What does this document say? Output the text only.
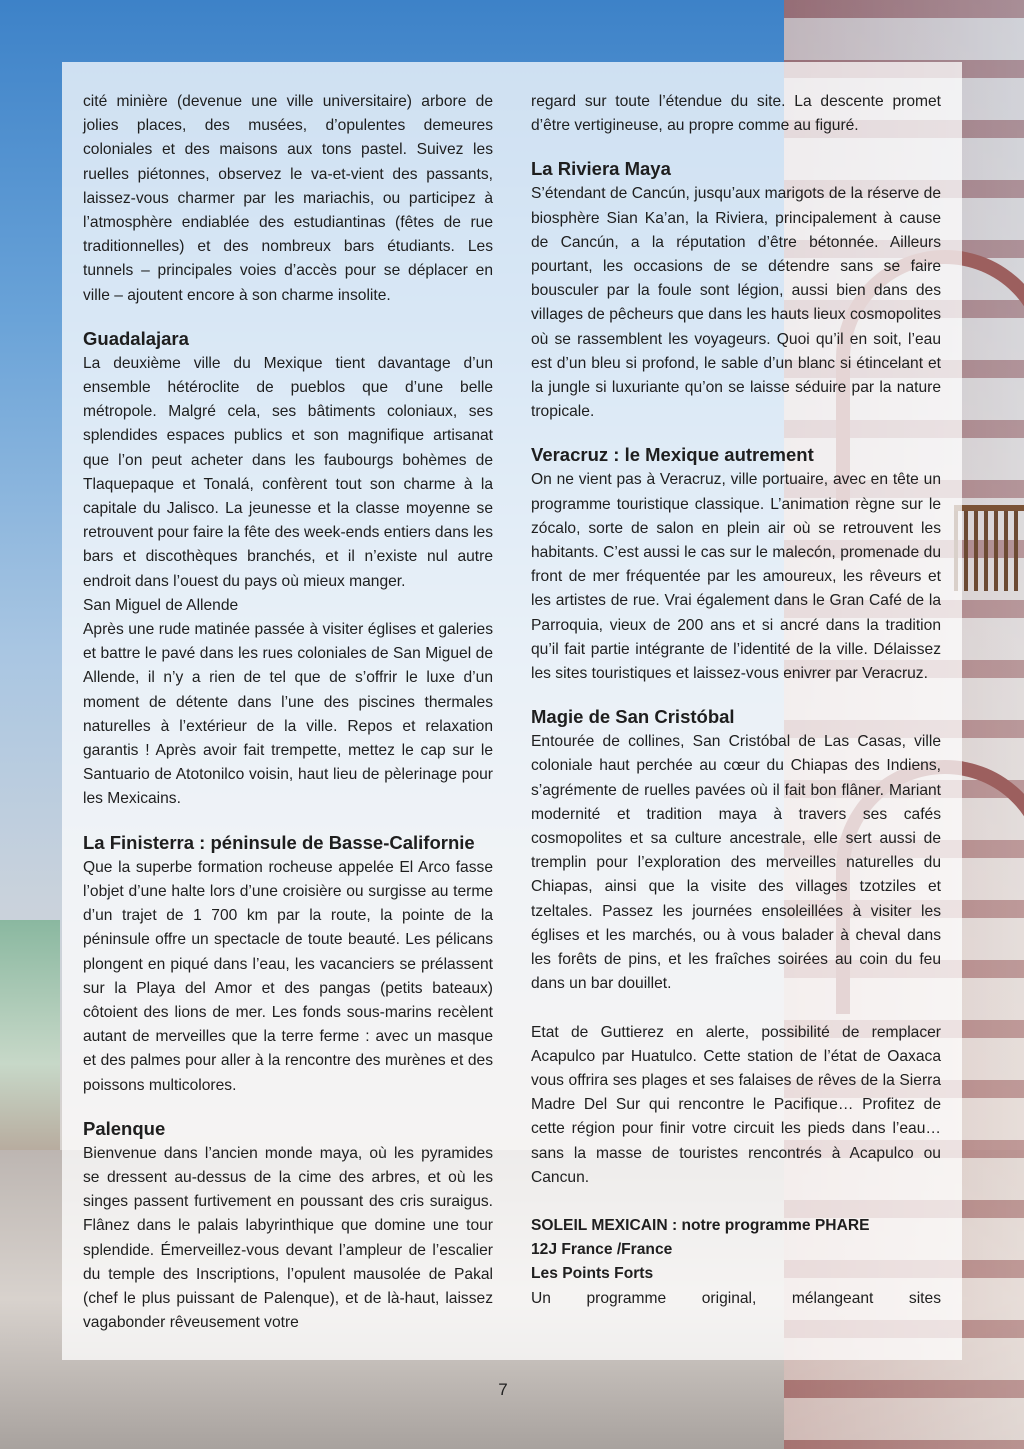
cité minière (devenue une ville universitaire) arbore de jolies places, des musées, d’opulentes demeures coloniales et des maisons aux tons pastel. Suivez les ruelles piétonnes, observez le va-et-vient des passants, laissez-vous charmer par les mariachis, ou participez à l’atmosphère endiablée des estudiantinas (fêtes de rue traditionnelles) et des nombreux bars étudiants. Les tunnels – principales voies d’accès pour se déplacer en ville – ajoutent encore à son charme insolite.

Guadalajara

La deuxième ville du Mexique tient davantage d’un ensemble hétéroclite de pueblos que d’une belle métropole. Malgré cela, ses bâtiments coloniaux, ses splendides espaces publics et son magnifique artisanat que l’on peut acheter dans les faubourgs bohèmes de Tlaquepaque et Tonalá, confèrent tout son charme à la capitale du Jalisco. La jeunesse et la classe moyenne se retrouvent pour faire la fête des week-ends entiers dans les bars et discothèques branchés, et il n’existe nul autre endroit dans l’ouest du pays où mieux manger.

San Miguel de Allende

Après une rude matinée passée à visiter églises et galeries et battre le pavé dans les rues coloniales de San Miguel de Allende, il n’y a rien de tel que de s’offrir le luxe d’un moment de détente dans l’une des piscines thermales naturelles à l’extérieur de la ville. Repos et relaxation garantis ! Après avoir fait trempette, mettez le cap sur le Santuario de Atotonilco voisin, haut lieu de pèlerinage pour les Mexicains.

La Finisterra : péninsule de Basse-Californie

Que la superbe formation rocheuse appelée El Arco fasse l’objet d’une halte lors d’une croisière ou surgisse au terme d’un trajet de 1 700 km par la route, la pointe de la péninsule offre un spectacle de toute beauté. Les pélicans plongent en piqué dans l’eau, les vacanciers se prélassent sur la Playa del Amor et des pangas (petits bateaux) côtoient des lions de mer. Les fonds sous-marins recèlent autant de merveilles que la terre ferme : avec un masque et des palmes pour aller à la rencontre des murènes et des poissons multicolores.

Palenque

Bienvenue dans l’ancien monde maya, où les pyramides se dressent au-dessus de la cime des arbres, et où les singes passent furtivement en poussant des cris suraigus. Flânez dans le palais labyrinthique que domine une tour splendide. Émerveillez-vous devant l’ampleur de l’escalier du temple des Inscriptions, l’opulent mausolée de Pakal (chef le plus puissant de Palenque), et de là-haut, laissez vagabonder rêveusement votre

regard sur toute l’étendue du site. La descente promet d’être vertigineuse, au propre comme au figuré.

La Riviera Maya

S’étendant de Cancún, jusqu’aux marigots de la réserve de biosphère Sian Ka’an, la Riviera, principalement à cause de Cancún, a la réputation d’être bétonnée. Ailleurs pourtant, les occasions de se détendre sans se faire bousculer par la foule sont légion, aussi bien dans des villages de pêcheurs que dans les hauts lieux cosmopolites où se rassemblent les voyageurs. Quoi qu’il en soit, l’eau est d’un bleu si profond, le sable d’un blanc si étincelant et la jungle si luxuriante qu’on se laisse séduire par la nature tropicale.

Veracruz : le Mexique autrement

On ne vient pas à Veracruz, ville portuaire, avec en tête un programme touristique classique. L’animation règne sur le zócalo, sorte de salon en plein air où se retrouvent les habitants. C’est aussi le cas sur le malecón, promenade du front de mer fréquentée par les amoureux, les rêveurs et les artistes de rue. Vrai également dans le Gran Café de la Parroquia, vieux de 200 ans et si ancré dans la tradition qu’il fait partie intégrante de l’identité de la ville. Délaissez les sites touristiques et laissez-vous enivrer par Veracruz.

Magie de San Cristóbal

Entourée de collines, San Cristóbal de Las Casas, ville coloniale haut perchée au cœur du Chiapas des Indiens, s’agrémente de ruelles pavées où il fait bon flâner. Mariant modernité et tradition maya à travers ses cafés cosmopolites et sa culture ancestrale, elle sert aussi de tremplin pour l’exploration des merveilles naturelles du Chiapas, ainsi que la visite des villages tzotziles et tzeltales. Passez les journées ensoleillées à visiter les églises et les marchés, ou à vous balader à cheval dans les forêts de pins, et les fraîches soirées au coin du feu dans un bar douillet.

Etat de Guttierez en alerte, possibilité de remplacer Acapulco par Huatulco. Cette station de l’état de Oaxaca vous offrira ses plages et ses falaises de rêves de la Sierra Madre Del Sur qui rencontre le Pacifique… Profitez de cette région pour finir votre circuit les pieds dans l’eau…sans la masse de touristes rencontrés à Acapulco ou Cancun.

SOLEIL MEXICAIN : notre programme PHARE

12J France /France

Les Points Forts

Un programme original, mélangeant sites

7
